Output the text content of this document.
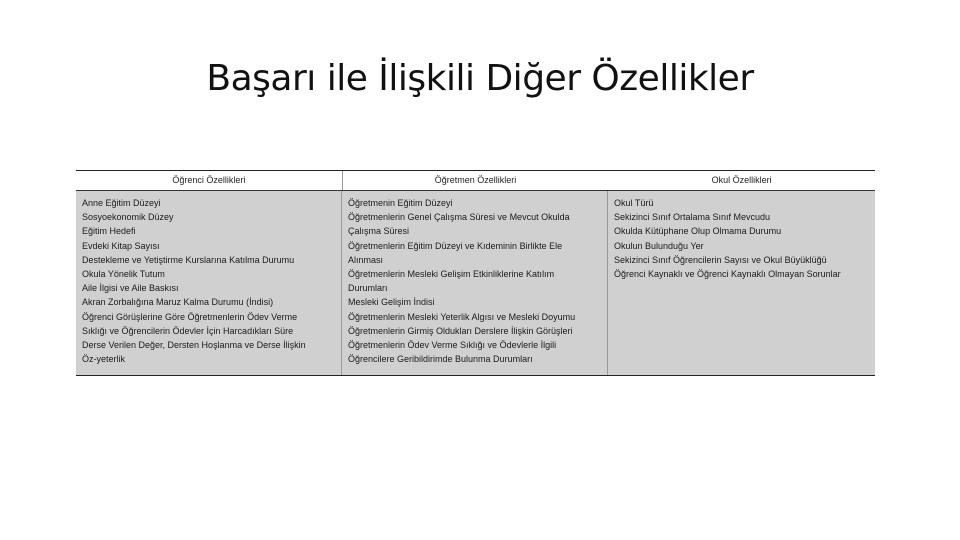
Başarı ile İlişkili Diğer Özellikler
Öğrenci Özellikleri	Öğretmen Özellikleri	Okul Özellikleri
Anne Eğitim Düzeyi
Sosyoekonomik Düzey
Eğitim Hedefi
Evdeki Kitap Sayısı
Destekleme ve Yetiştirme Kurslarına Katılma Durumu
Okula Yönelik Tutum
Aile İlgisi ve Aile Baskısı
Akran Zorbalığına Maruz Kalma Durumu (İndisi)
Öğrenci Görüşlerine Göre Öğretmenlerin Ödev Verme
Sıklığı ve Öğrencilerin Ödevler İçin Harcadıkları Süre
Derse Verilen Değer, Dersten Hoşlanma ve Derse İlişkin
Öz-yeterlik
Öğretmenin Eğitim Düzeyi
Öğretmenlerin Genel Çalışma Süresi ve Mevcut Okulda
Çalışma Süresi
Öğretmenlerin Eğitim Düzeyi ve Kıdeminin Birlikte Ele
Alınması
Öğretmenlerin Mesleki Gelişim Etkinliklerine Katılım
Durumları
Mesleki Gelişim İndisi
Öğretmenlerin Mesleki Yeterlik Algısı ve Mesleki Doyumu
Öğretmenlerin Girmiş Oldukları Derslere İlişkin Görüşleri
Öğretmenlerin Ödev Verme Sıklığı ve Ödevlerle İlgili
Öğrencilere Geribildirimde Bulunma Durumları
Okul Türü
Sekizinci Sınıf Ortalama Sınıf Mevcudu
Okulda Kütüphane Olup Olmama Durumu
Okulun Bulunduğu Yer
Sekizinci Sınıf Öğrencilerin Sayısı ve Okul Büyüklüğü
Öğrenci Kaynaklı ve Öğrenci Kaynaklı Olmayan Sorunlar
